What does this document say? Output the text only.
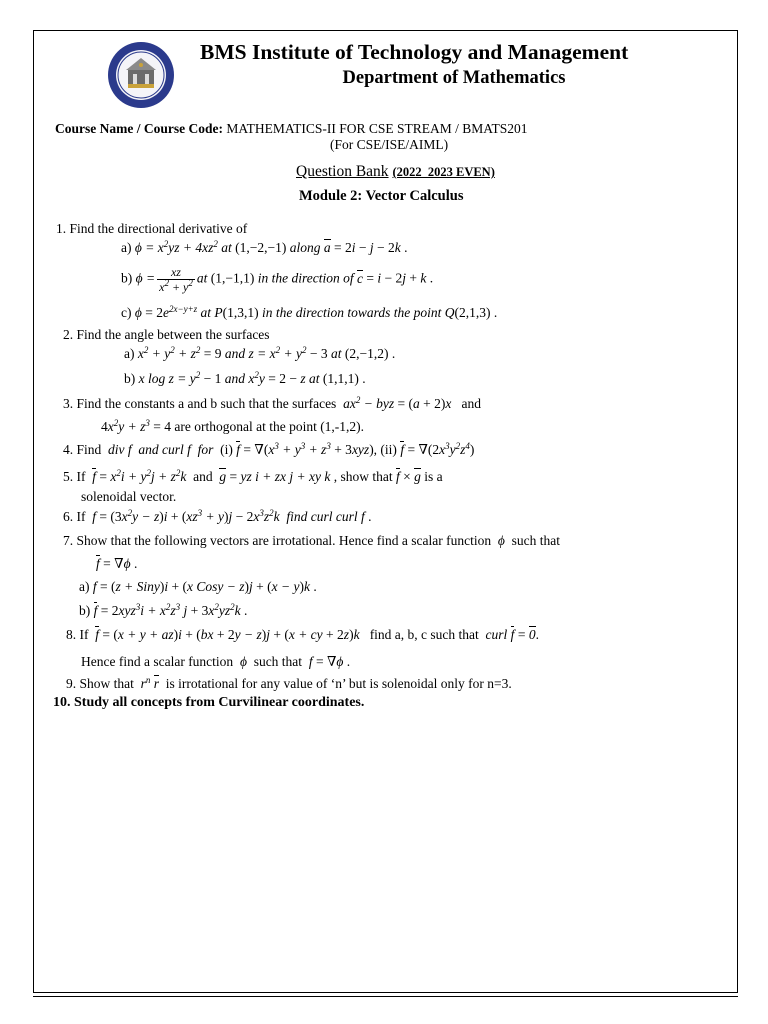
BMS Institute of Technology and Management
Department of Mathematics
Course Name / Course Code: MATHEMATICS-II FOR CSE STREAM / BMATS201
(For CSE/ISE/AIML)
Question Bank (2022_2023 EVEN)
Module 2: Vector Calculus
1. Find the directional derivative of
a) $\phi = x^2yz + 4xz^2$ at (1,−2,−1) along a = 2i − j − 2k .
b) $\phi = \frac{xz}{x^2 + y^2}$ at (1,−1,1) in the direction of c = i − 2j + k .
c) $\phi = 2e^{2x-y+z}$ at P(1,3,1) in the direction towards the point Q(2,1,3) .
2. Find the angle between the surfaces
a) $x^2 + y^2 + z^2 = 9$ and $z = x^2 + y^2 - 3$ at (2,−1,2) .
b) x $\log z = y^2 - 1$ and $x^2y = 2 - z$ at (1,1,1) .
3. Find the constants a and b such that the surfaces $ax^2$ − byz = (a + 2)x and
$4x^2y + z^3 = 4$ are orthogonal at the point (1,-1,2).
4. Find div f  and curl f  for  (i) $f = \nabla(x^3 + y^3 + z^3 + 3xyz)$, (ii) $f = \nabla(2x^3y^2z^4)$
5. If $f = x^2i + y^2j + z^2k$ and g = yz i + zx j + xy k , show that f × g is a
solenoidal vector.
6. If $f = (3x^2y - z)i + (xz^3 + y)j - 2x^3z^2k$  find curl curl f .
7. Show that the following vectors are irrotational. Hence find a scalar function ϕ such that
f = ∇ϕ .
a) f = (z + Siny)i + (x Cosy − z)j + (x − y)k .
b) $f = 2xyz^3i + x^2z^3$ $j + 3x^2yz^2k$ .
8. If f = (x + y + az)i + (bx + 2y − z)j + (x + cy + 2z)k find a, b, c such that curl f = 0.
Hence find a scalar function ϕ such that f = ∇ϕ .
9. Show that $r^n$ r is irrotational for any value of ‘n’ but is solenoidal only for n=3.
10. Study all concepts from Curvilinear coordinates.
